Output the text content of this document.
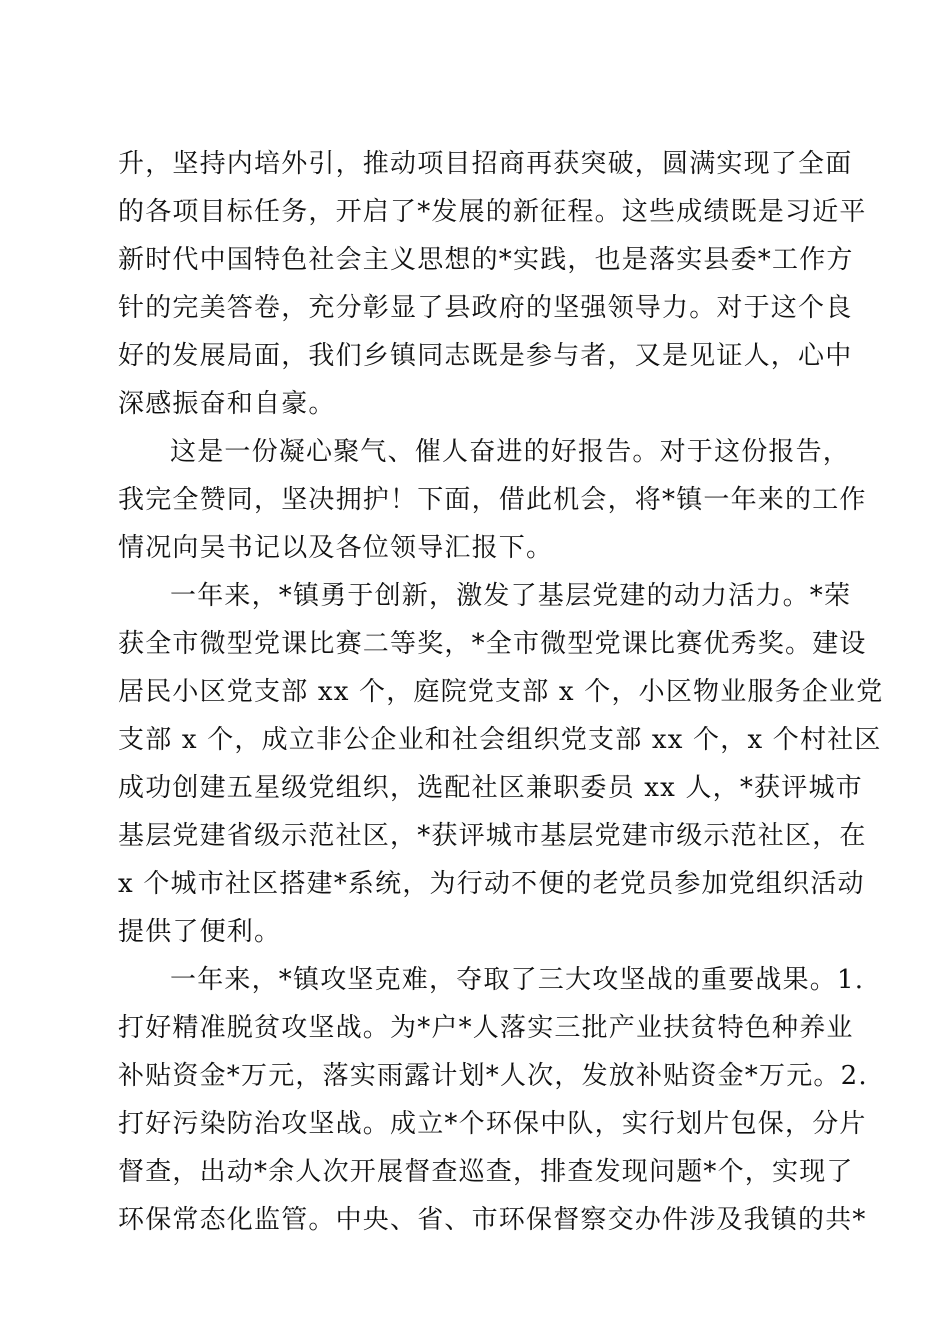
升，坚持内培外引，推动项目招商再获突破，圆满实现了全面
的各项目标任务，开启了*发展的新征程。这些成绩既是习近平
新时代中国特色社会主义思想的*实践，也是落实县委*工作方
针的完美答卷，充分彰显了县政府的坚强领导力。对于这个良
好的发展局面，我们乡镇同志既是参与者，又是见证人，心中
深感振奋和自豪。
这是一份凝心聚气、催人奋进的好报告。对于这份报告，
我完全赞同，坚决拥护！下面，借此机会，将*镇一年来的工作
情况向吴书记以及各位领导汇报下。
一年来，*镇勇于创新，激发了基层党建的动力活力。*荣
获全市微型党课比赛二等奖，*全市微型党课比赛优秀奖。建设
居民小区党支部 xx 个，庭院党支部 x 个，小区物业服务企业党
支部 x 个，成立非公企业和社会组织党支部 xx 个，x 个村社区
成功创建五星级党组织，选配社区兼职委员 xx 人，*获评城市
基层党建省级示范社区，*获评城市基层党建市级示范社区，在
x 个城市社区搭建*系统，为行动不便的老党员参加党组织活动
提供了便利。
一年来，*镇攻坚克难，夺取了三大攻坚战的重要战果。1.
打好精准脱贫攻坚战。为*户*人落实三批产业扶贫特色种养业
补贴资金*万元，落实雨露计划*人次，发放补贴资金*万元。2.
打好污染防治攻坚战。成立*个环保中队，实行划片包保，分片
督查，出动*余人次开展督查巡查，排查发现问题*个，实现了
环保常态化监管。中央、省、市环保督察交办件涉及我镇的共*
